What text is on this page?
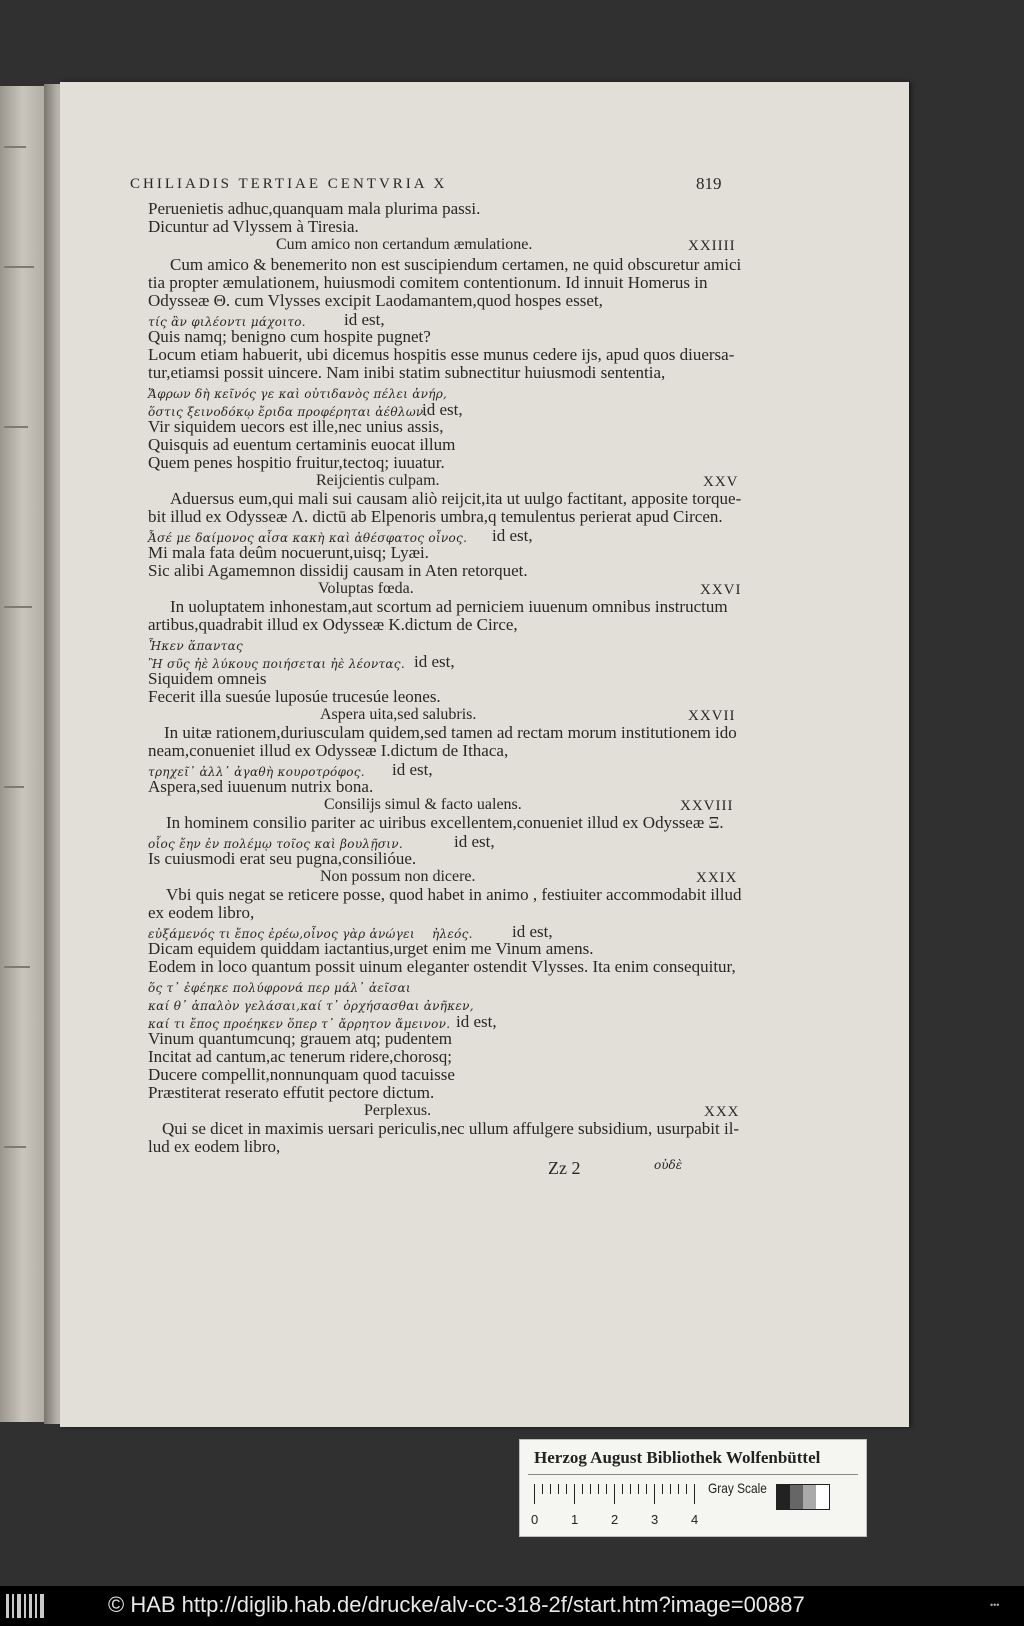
CHILIADIS TERTIAE CENTVRIA X	819
Peruenietis adhuc,quanquam mala plurima passi.
Dicuntur ad Vlyssem à Tiresia.
Cum amico non certandum æmulatione.	XXIIII
Cum amico & benemerito non est suscipiendum certamen, ne quid obscuretur amici
tia propter æmulationem, huiusmodi comitem contentionum. Id innuit Homerus in
Odysseæ Θ. cum Vlysses excipit Laodamantem,quod hospes esset,
τίς ἂν φιλέοντι μάχοιτο. id est,
Quis namq; benigno cum hospite pugnet?
Locum etiam habuerit, ubi dicemus hospitis esse munus cedere ijs, apud quos diuersa-
tur,etiamsi possit uincere. Nam inibi statim subnectitur huiusmodi sententia,
Ἄφρων δὴ κεῖνός γε καὶ οὐτιδανὸς πέλει ἀνήρ,
ὅστις ξεινοδόκῳ ἔριδα προφέρηται ἀέθλων.
id est,
Vir siquidem uecors est ille,nec unius assis,
Quisquis ad euentum certaminis euocat illum
Quem penes hospitio fruitur,tectoq; iuuatur.
Reijcientis culpam.	XXV
Aduersus eum,qui mali sui causam aliò reijcit,ita ut uulgo factitant, apposite torque-
bit illud ex Odysseæ Λ. dictū ab Elpenoris umbra,q temulentus perierat apud Circen.
Ἆσέ με δαίμονος αἶσα κακὴ καὶ ἀθέσφατος οἶνος. id est,
Mi mala fata deûm nocuerunt,uisq; Lyæi.
Sic alibi Agamemnon dissidij causam in Aten retorquet.
Voluptas fœda.	XXVI
In uoluptatem inhonestam,aut scortum ad perniciem iuuenum omnibus instructum
artibus,quadrabit illud ex Odysseæ Κ.dictum de Circe,
Ἧκεν ἅπαντας
Ἢ σῦς ἠὲ λύκους ποιήσεται ἠὲ λέοντας. id est,
Siquidem omneis
Fecerit illa suesúe luposúe trucesúe leones.
Aspera uita,sed salubris.	XXVII
In uitæ rationem,duriusculam quidem,sed tamen ad rectam morum institutionem ido
neam,conueniet illud ex Odysseæ I.dictum de Ithaca,
τρηχεῖ᾽ ἀλλ᾽ ἀγαθὴ κουροτρόφος. id est,
Aspera,sed iuuenum nutrix bona.
Consilijs simul & facto ualens.	XXVIII
In hominem consilio pariter ac uiribus excellentem,conueniet illud ex Odysseæ Ξ.
οἷος ἔην ἐν πολέμῳ τοῖος καὶ βουλῇσιν.	id est,
Is cuiusmodi erat seu pugna,consilióue.
Non possum non dicere.	XXIX
Vbi quis negat se reticere posse, quod habet in animo , festiuiter accommodabit illud
ex eodem libro,
εὐξάμενός τι ἔπος ἐρέω,οἶνος γὰρ ἀνώγει ἠλεός. id est,
Dicam equidem quiddam iactantius,urget enim me Vinum amens.
Eodem in loco quantum possit uinum eleganter ostendit Vlysses. Ita enim consequitur,
ὅς τ᾽ ἐφέηκε πολύφρονά περ μάλ᾽ ἀεῖσαι
καί θ᾽ ἁπαλὸν γελάσαι,καί τ᾽ ὀρχήσασθαι ἀνῆκεν,
καί τι ἔπος προέηκεν ὅπερ τ᾽ ἄρρητον ἄμεινον. id est,
Vinum quantumcunq; grauem atq; pudentem
Incitat ad cantum,ac tenerum ridere,chorosq;
Ducere compellit,nonnunquam quod tacuisse
Præstiterat reserato effutit pectore dictum.
Perplexus.	XXX
Qui se dicet in maximis uersari periculis,nec ullum affulgere subsidium, usurpabit il-
lud ex eodem libro,
Zz 2	οὐδὲ
Herzog August Bibliothek Wolfenbüttel
0	1	2	3	4
Gray Scale
© HAB http://diglib.hab.de/drucke/alv-cc-318-2f/start.htm?image=00887	•••
